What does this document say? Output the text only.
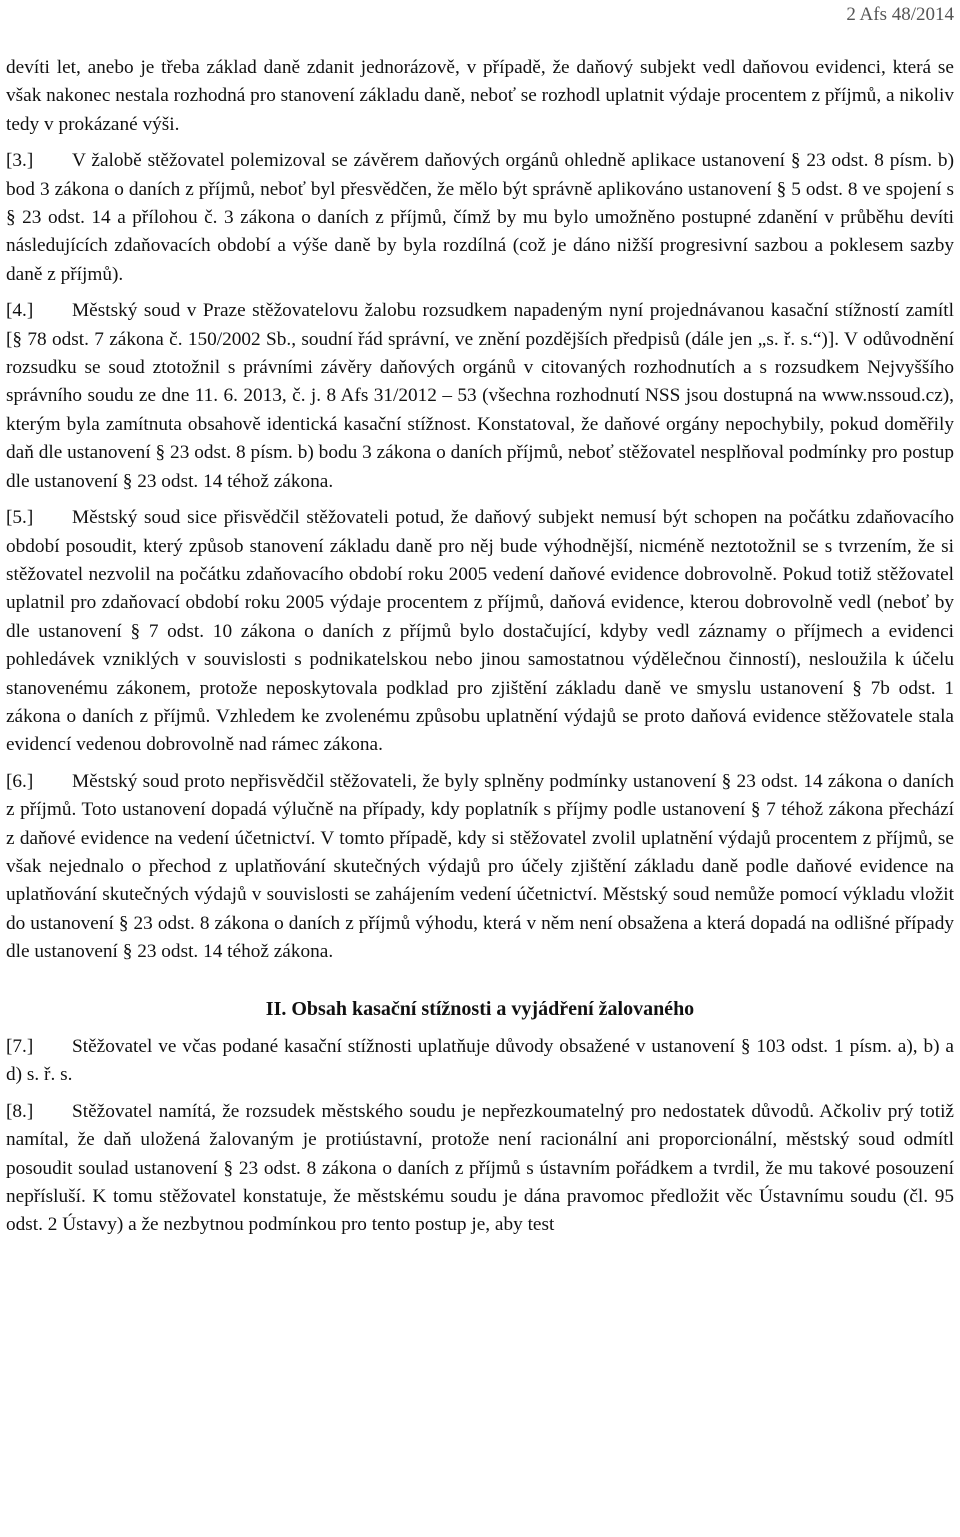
2 Afs 48/2014

devíti let, anebo je třeba základ daně zdanit jednorázově, v případě, že daňový subjekt vedl daňovou evidenci, která se však nakonec nestala rozhodná pro stanovení základu daně, neboť se rozhodl uplatnit výdaje procentem z příjmů, a nikoliv tedy v prokázané výši.

[3.] V žalobě stěžovatel polemizoval se závěrem daňových orgánů ohledně aplikace ustanovení § 23 odst. 8 písm. b) bod 3 zákona o daních z příjmů, neboť byl přesvědčen, že mělo být správně aplikováno ustanovení § 5 odst. 8 ve spojení s § 23 odst. 14 a přílohou č. 3 zákona o daních z příjmů, čímž by mu bylo umožněno postupné zdanění v průběhu devíti následujících zdaňovacích období a výše daně by byla rozdílná (což je dáno nižší progresivní sazbou a poklesem sazby daně z příjmů).

[4.] Městský soud v Praze stěžovatelovu žalobu rozsudkem napadeným nyní projednávanou kasační stížností zamítl [§ 78 odst. 7 zákona č. 150/2002 Sb., soudní řád správní, ve znění pozdějších předpisů (dále jen „s. ř. s.“)]. V odůvodnění rozsudku se soud ztotožnil s právními závěry daňových orgánů v citovaných rozhodnutích a s rozsudkem Nejvyššího správního soudu ze dne 11. 6. 2013, č. j. 8 Afs 31/2012 – 53 (všechna rozhodnutí NSS jsou dostupná na www.nssoud.cz), kterým byla zamítnuta obsahově identická kasační stížnost. Konstatoval, že daňové orgány nepochybily, pokud doměřily daň dle ustanovení § 23 odst. 8 písm. b) bodu 3 zákona o daních příjmů, neboť stěžovatel nesplňoval podmínky pro postup dle ustanovení § 23 odst. 14 téhož zákona.

[5.] Městský soud sice přisvědčil stěžovateli potud, že daňový subjekt nemusí být schopen na počátku zdaňovacího období posoudit, který způsob stanovení základu daně pro něj bude výhodnější, nicméně neztotožnil se s tvrzením, že si stěžovatel nezvolil na počátku zdaňovacího období roku 2005 vedení daňové evidence dobrovolně. Pokud totiž stěžovatel uplatnil pro zdaňovací období roku 2005 výdaje procentem z příjmů, daňová evidence, kterou dobrovolně vedl (neboť by dle ustanovení § 7 odst. 10 zákona o daních z příjmů bylo dostačující, kdyby vedl záznamy o příjmech a evidenci pohledávek vzniklých v souvislosti s podnikatelskou nebo jinou samostatnou výdělečnou činností), nesloužila k účelu stanovenému zákonem, protože neposkytovala podklad pro zjištění základu daně ve smyslu ustanovení § 7b odst. 1 zákona o daních z příjmů. Vzhledem ke zvolenému způsobu uplatnění výdajů se proto daňová evidence stěžovatele stala evidencí vedenou dobrovolně nad rámec zákona.

[6.] Městský soud proto nepřisvědčil stěžovateli, že byly splněny podmínky ustanovení § 23 odst. 14 zákona o daních z příjmů. Toto ustanovení dopadá výlučně na případy, kdy poplatník s příjmy podle ustanovení § 7 téhož zákona přechází z daňové evidence na vedení účetnictví. V tomto případě, kdy si stěžovatel zvolil uplatnění výdajů procentem z příjmů, se však nejednalo o přechod z uplatňování skutečných výdajů pro účely zjištění základu daně podle daňové evidence na uplatňování skutečných výdajů v souvislosti se zahájením vedení účetnictví. Městský soud nemůže pomocí výkladu vložit do ustanovení § 23 odst. 8 zákona o daních z příjmů výhodu, která v něm není obsažena a která dopadá na odlišné případy dle ustanovení § 23 odst. 14 téhož zákona.

II. Obsah kasační stížnosti a vyjádření žalovaného

[7.] Stěžovatel ve včas podané kasační stížnosti uplatňuje důvody obsažené v ustanovení § 103 odst. 1 písm. a), b) a d) s. ř. s.

[8.] Stěžovatel namítá, že rozsudek městského soudu je nepřezkoumatelný pro nedostatek důvodů. Ačkoliv prý totiž namítal, že daň uložená žalovaným je protiústavní, protože není racionální ani proporcionální, městský soud odmítl posoudit soulad ustanovení § 23 odst. 8 zákona o daních z příjmů s ústavním pořádkem a tvrdil, že mu takové posouzení nepřísluší. K tomu stěžovatel konstatuje, že městskému soudu je dána pravomoc předložit věc Ústavnímu soudu (čl. 95 odst. 2 Ústavy) a že nezbytnou podmínkou pro tento postup je, aby test
